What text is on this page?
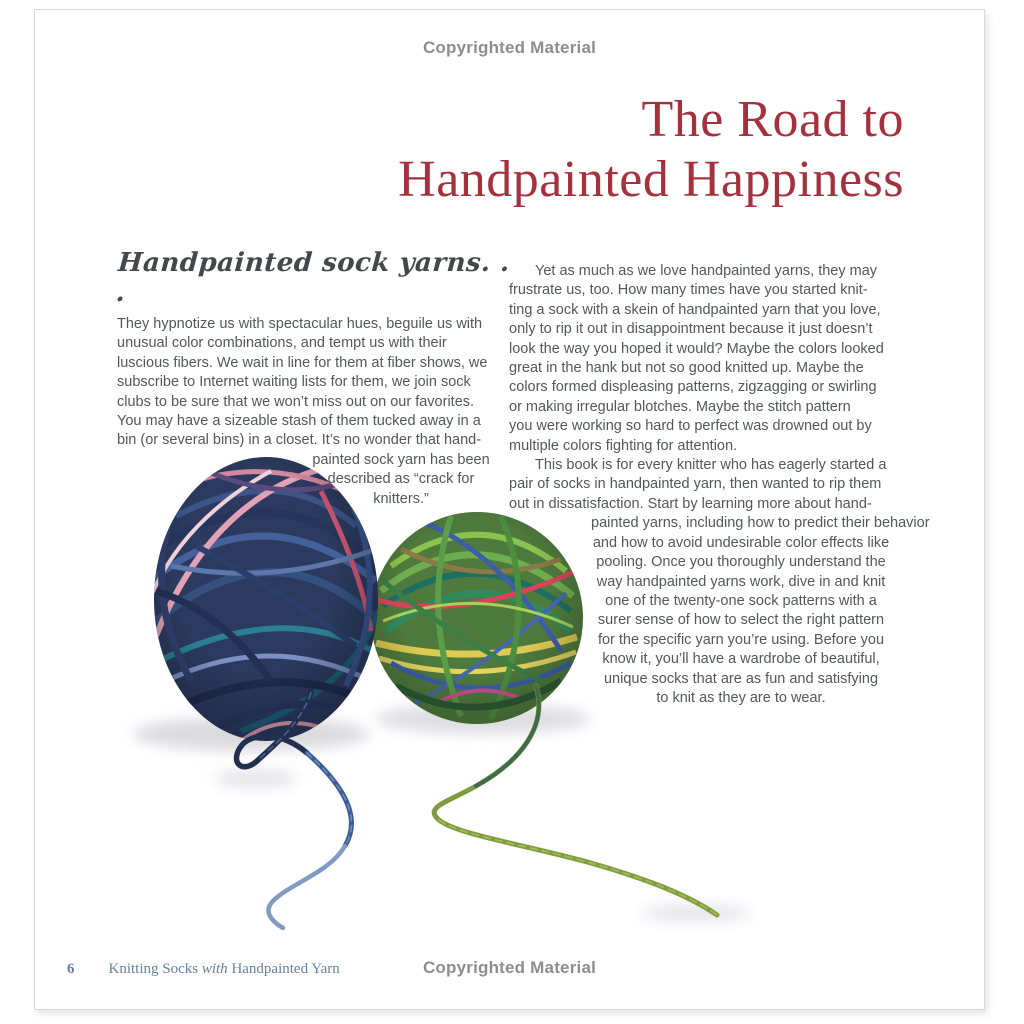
Copyrighted Material
The Road to
Handpainted Happiness
Handpainted sock yarns. . .
They hypnotize us with spectacular hues, beguile us with
unusual color combinations, and tempt us with their
luscious fibers. We wait in line for them at fiber shows, we
subscribe to Internet waiting lists for them, we join sock
clubs to be sure that we won’t miss out on our favorites.
You may have a sizeable stash of them tucked away in a
bin (or several bins) in a closet. It’s no wonder that hand-
painted sock yarn has been
described as “crack for
knitters.”
Yet as much as we love handpainted yarns, they may
frustrate us, too. How many times have you started knit-
ting a sock with a skein of handpainted yarn that you love,
only to rip it out in disappointment because it just doesn’t
look the way you hoped it would? Maybe the colors looked
great in the hank but not so good knitted up. Maybe the
colors formed displeasing patterns, zigzagging or swirling
or making irregular blotches. Maybe the stitch pattern
you were working so hard to perfect was drowned out by
multiple colors fighting for attention.
This book is for every knitter who has eagerly started a
pair of socks in handpainted yarn, then wanted to rip them
out in dissatisfaction. Start by learning more about hand-
painted yarns, including how to predict their behavior
and how to avoid undesirable color effects like
pooling. Once you thoroughly understand the
way handpainted yarns work, dive in and knit
one of the twenty-one sock patterns with a
surer sense of how to select the right pattern
for the specific yarn you’re using. Before you
know it, you’ll have a wardrobe of beautiful,
unique socks that are as fun and satisfying
to knit as they are to wear.
6 Knitting Socks with Handpainted Yarn	Copyrighted Material
